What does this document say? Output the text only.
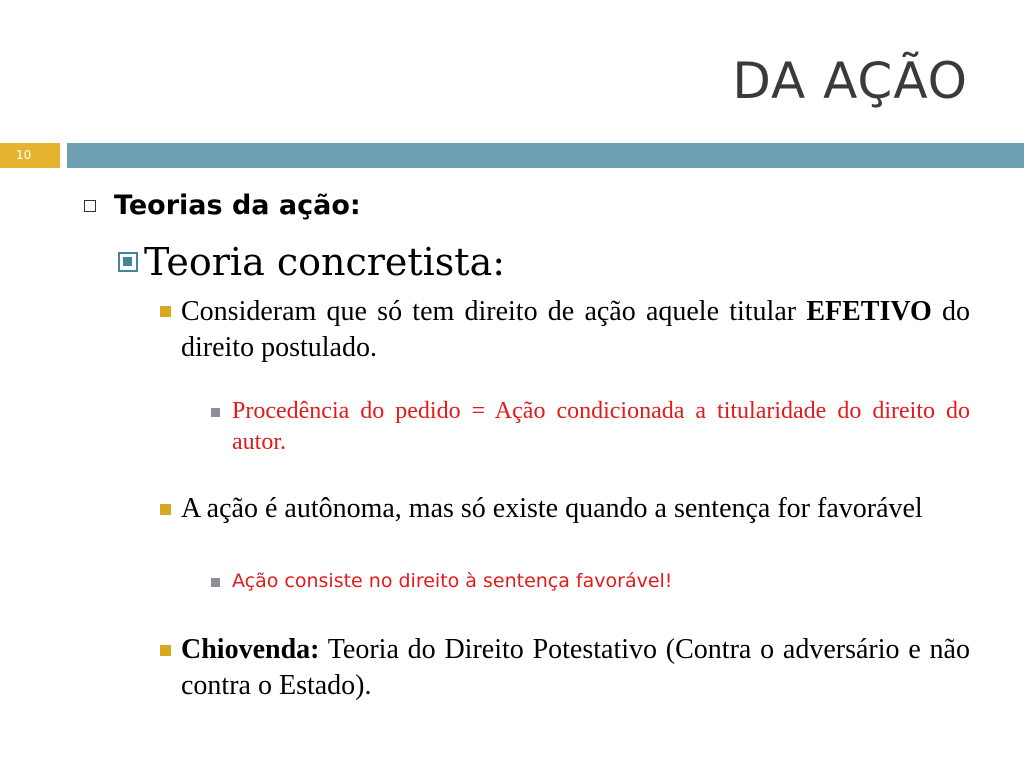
DA AÇÃO
10
Teorias da ação:
Teoria concretista:
Consideram que só tem direito de ação aquele titular EFETIVO do direito postulado.
Procedência do pedido = Ação condicionada a titularidade do direito do autor.
A ação é autônoma, mas só existe quando a sentença for favorável
Ação consiste no direito à sentença favorável!
Chiovenda: Teoria do Direito Potestativo (Contra o adversário e não contra o Estado).
